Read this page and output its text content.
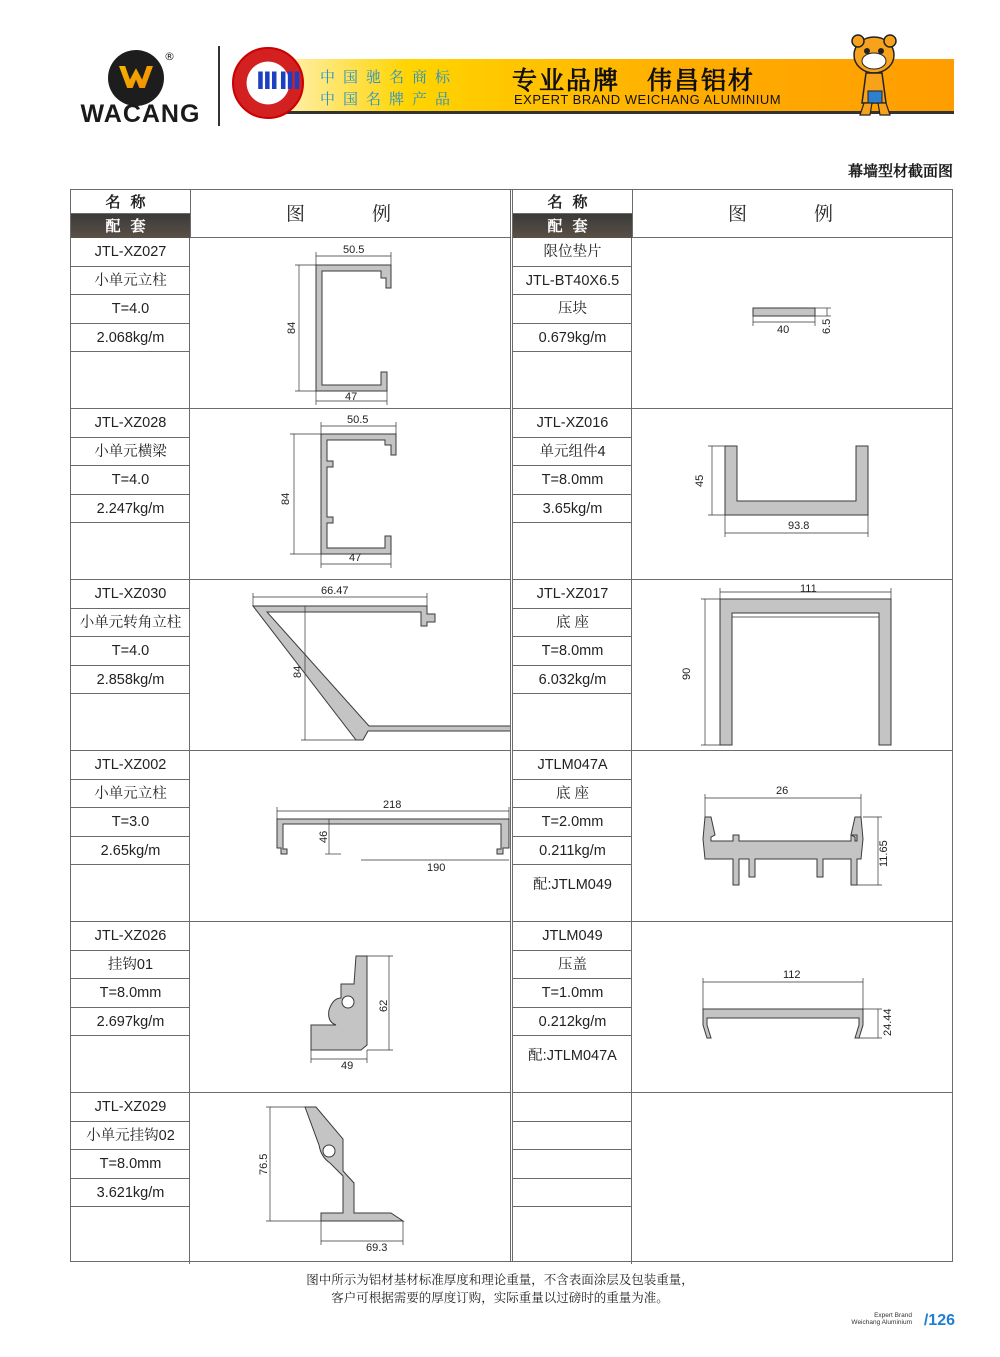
®
WACANG
ⅢⅢ 中国驰名商标
中国名牌产品
专业品牌　伟昌铝材
EXPERT BRAND WEICHANG ALUMINIUM
幕墙型材截面图
名称
配套
图　例
JTL-XZ027
小单元立柱
T=4.0
2.068kg/m
50.5
84
47
JTL-XZ028
小单元横梁
T=4.0
2.247kg/m
50.5
84
47
JTL-XZ030
小单元转角立柱
T=4.0
2.858kg/m
66.47
84
JTL-XZ002
小单元立柱
T=3.0
2.65kg/m
218
46
190
JTL-XZ026
挂钩01
T=8.0mm
2.697kg/m
62
49
JTL-XZ029
小单元挂钩02
T=8.0mm
3.621kg/m
76.5
69.3
名称
配套
图　例
限位垫片
JTL-BT40X6.5
压块
0.679kg/m	40	6.5
JTL-XZ016
单元组件4
T=8.0mm
3.65kg/m
45
93.8
JTL-XZ017
底 座
T=8.0mm
6.032kg/m
111
90
JTLM047A
底 座
T=2.0mm
0.211kg/m
配:JTLM049
26
11.65
JTLM049
压盖
T=1.0mm
0.212kg/m
配:JTLM047A
112
24.44
图中所示为铝材基材标准厚度和理论重量，不含表面涂层及包装重量，
客户可根据需要的厚度订购，实际重量以过磅时的重量为准。
Expert Brand
Weichang Aluminium /126
